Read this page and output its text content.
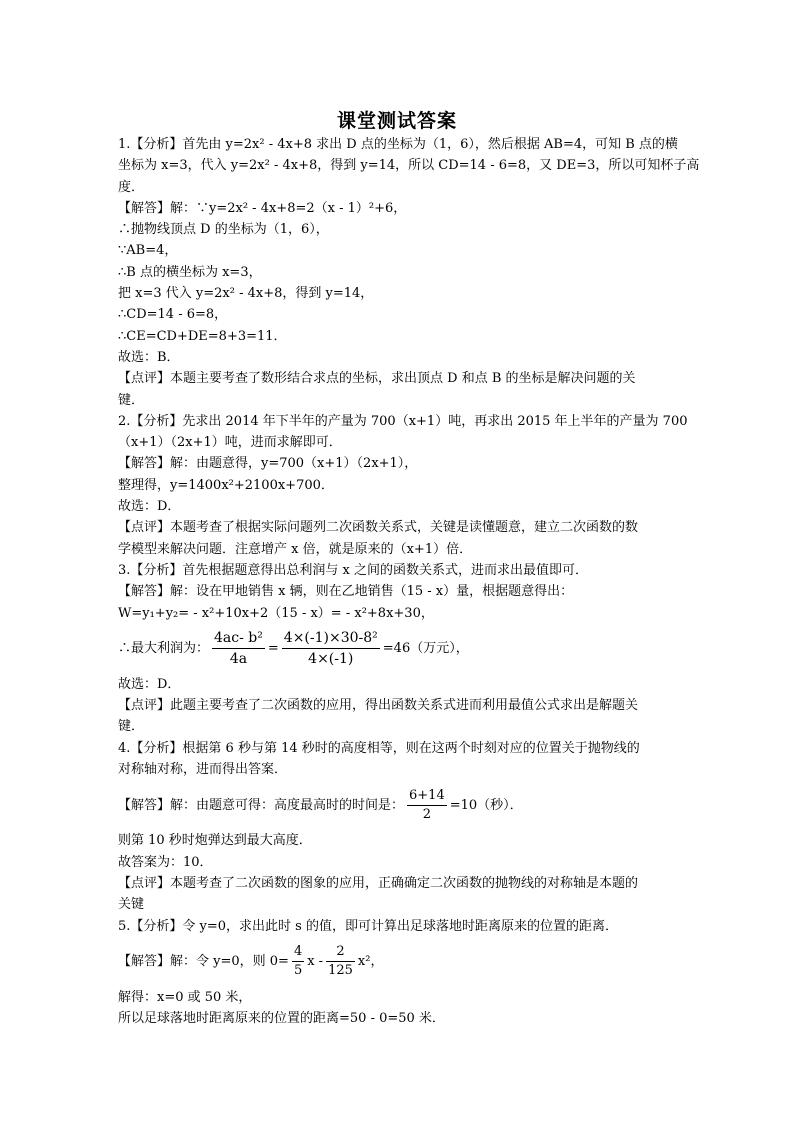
课堂测试答案
1.【分析】首先由 y=2x² - 4x+8 求出 D 点的坐标为（1，6），然后根据 AB=4，可知 B 点的横
坐标为 x=3，代入 y=2x² - 4x+8，得到 y=14，所以 CD=14 - 6=8，又 DE=3，所以可知杯子高
度．
【解答】解：∵y=2x² - 4x+8=2（x - 1）²+6，
∴抛物线顶点 D 的坐标为（1，6），
∵AB=4，
∴B 点的横坐标为 x=3，
把 x=3 代入 y=2x² - 4x+8，得到 y=14，
∴CD=14 - 6=8，
∴CE=CD+DE=8+3=11．
故选：B．
【点评】本题主要考查了数形结合求点的坐标，求出顶点 D 和点 B 的坐标是解决问题的关
键．
2.【分析】先求出 2014 年下半年的产量为 700（x+1）吨，再求出 2015 年上半年的产量为 700
（x+1）（2x+1）吨，进而求解即可．
【解答】解：由题意得，y=700（x+1）（2x+1），
整理得，y=1400x²+2100x+700．
故选：D．
【点评】本题考查了根据实际问题列二次函数关系式，关键是读懂题意，建立二次函数的数
学模型来解决问题．注意增产 x 倍，就是原来的（x+1）倍．
3.【分析】首先根据题意得出总利润与 x 之间的函数关系式，进而求出最值即可．
【解答】解：设在甲地销售 x 辆，则在乙地销售（15 - x）量，根据题意得出：
W=y₁+y₂= - x²+10x+2（15 - x）= - x²+8x+30，
∴最大利润为： $\frac{\text{4ac- b²}}{4a} = \frac{\text{4×(-1)×30-8²}}{4\times(-1)} =46$（万元），
故选：D．
【点评】此题主要考查了二次函数的应用，得出函数关系式进而利用最值公式求出是解题关
键．
4.【分析】根据第 6 秒与第 14 秒时的高度相等，则在这两个时刻对应的位置关于抛物线的
对称轴对称，进而得出答案．
【解答】解：由题意可得：高度最高时的时间是： $\frac{6+14}{2} =10$（秒）．
则第 10 秒时炮弹达到最大高度．
故答案为：10．
【点评】本题考查了二次函数的图象的应用，正确确定二次函数的抛物线的对称轴是本题的
关键
5.【分析】令 y=0，求出此时 s 的值，即可计算出足球落地时距离原来的位置的距离．
【解答】解：令 y=0，则 $0= \frac{4}{5}$ x - $\frac{2}{125} x^2$，
解得：x=0 或 50 米，
所以足球落地时距离原来的位置的距离=50 - 0=50 米．
